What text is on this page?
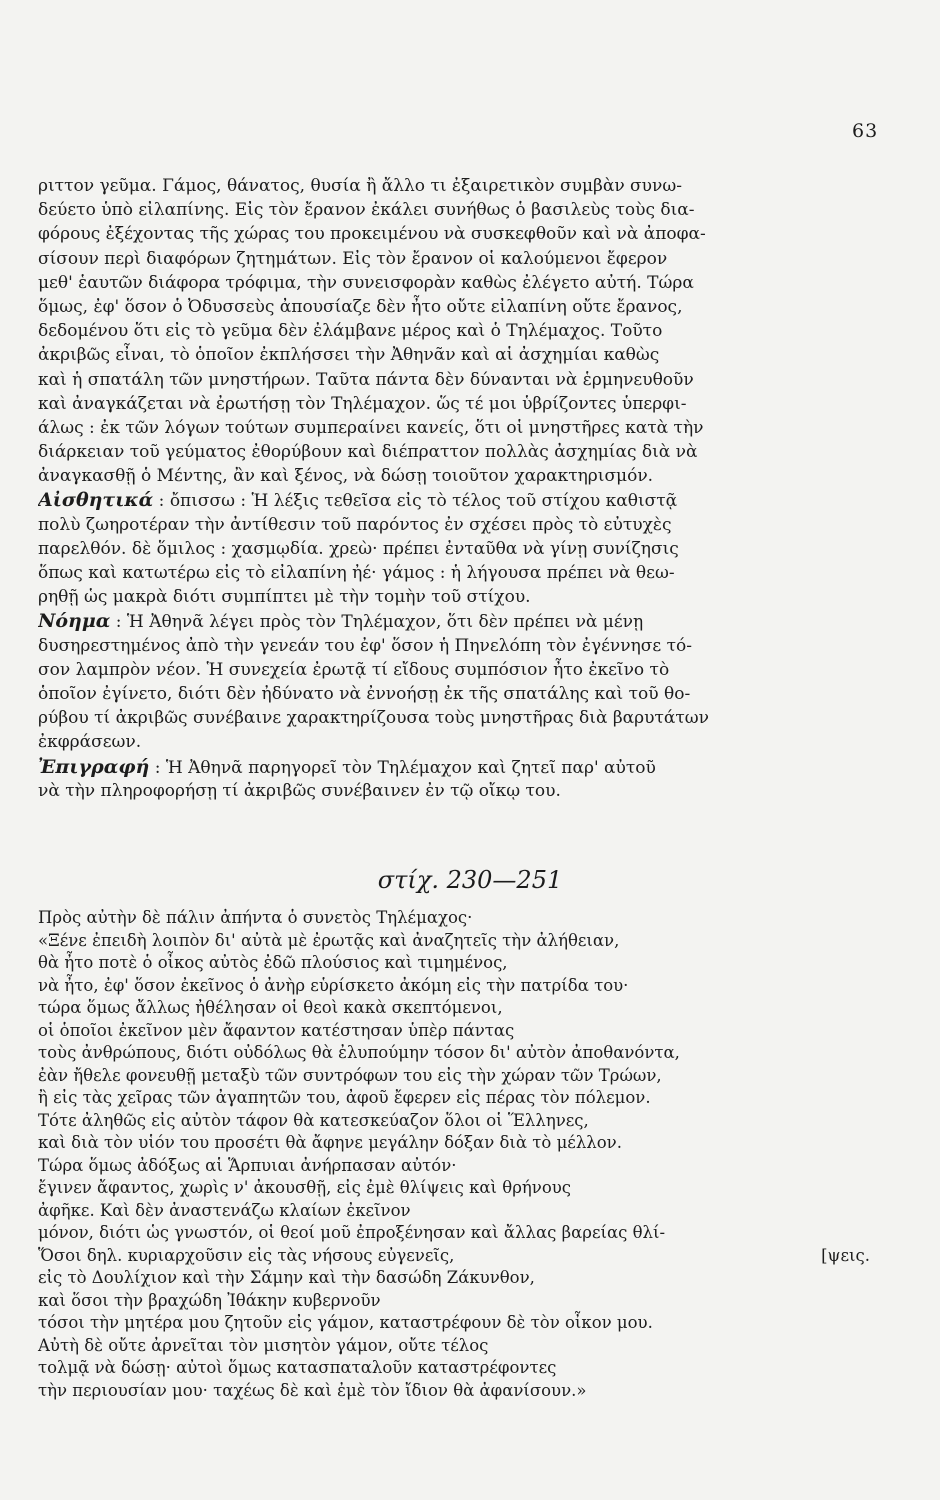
63
ριττον γεῦμα. Γάμος, θάνατος, θυσία ἢ ἄλλο τι ἐξαιρετικὸν συμβὰν συνω-
δεύετο ὑπὸ εἰλαπίνης. Εἰς τὸν ἔρανον ἐκάλει συνήθως ὁ βασιλεὺς τοὺς δια-
φόρους ἐξέχοντας τῆς χώρας του προκειμένου νὰ συσκεφθοῦν καὶ νὰ ἀποφα-
σίσουν περὶ διαφόρων ζητημάτων. Εἰς τὸν ἔρανον οἱ καλούμενοι ἔφερον
μεθ' ἑαυτῶν διάφορα τρόφιμα, τὴν συνεισφορὰν καθὼς ἐλέγετο αὐτή. Τώρα
ὅμως, ἐφ' ὅσον ὁ Ὀδυσσεὺς ἀπουσίαζε δὲν ἦτο οὔτε εἰλαπίνη οὔτε ἔρανος,
δεδομένου ὅτι εἰς τὸ γεῦμα δὲν ἐλάμβανε μέρος καὶ ὁ Τηλέμαχος. Τοῦτο
ἀκριβῶς εἶναι, τὸ ὁποῖον ἐκπλήσσει τὴν Ἀθηνᾶν καὶ αἱ ἀσχημίαι καθὼς
καὶ ἡ σπατάλη τῶν μνηστήρων. Ταῦτα πάντα δὲν δύνανται νὰ ἑρμηνευθοῦν
καὶ ἀναγκάζεται νὰ ἐρωτήσῃ τὸν Τηλέμαχον. ὥς τέ μοι ὑβρίζοντες ὑπερφι-
άλως : ἐκ τῶν λόγων τούτων συμπεραίνει κανείς, ὅτι οἱ μνηστῆρες κατὰ τὴν
διάρκειαν τοῦ γεύματος ἐθορύβουν καὶ διέπραττον πολλὰς ἀσχημίας διὰ νὰ
ἀναγκασθῇ ὁ Μέντης, ἂν καὶ ξένος, νὰ δώσῃ τοιοῦτον χαρακτηρισμόν.
Αἰσθητικά : ὄπισσω : Ἡ λέξις τεθεῖσα εἰς τὸ τέλος τοῦ στίχου καθιστᾷ
πολὺ ζωηροτέραν τὴν ἀντίθεσιν τοῦ παρόντος ἐν σχέσει πρὸς τὸ εὐτυχὲς
παρελθόν. δὲ ὅμιλος : χασμῳδία. χρεὼ· πρέπει ἐνταῦθα νὰ γίνῃ συνίζησις
ὅπως καὶ κατωτέρω εἰς τὸ εἰλαπίνη ἠέ· γάμος : ἡ λήγουσα πρέπει νὰ θεω-
ρηθῇ ὡς μακρὰ διότι συμπίπτει μὲ τὴν τομὴν τοῦ στίχου.
Νόημα : Ἡ Ἀθηνᾶ λέγει πρὸς τὸν Τηλέμαχον, ὅτι δὲν πρέπει νὰ μένῃ
δυσηρεστημένος ἀπὸ τὴν γενεάν του ἐφ' ὅσον ἡ Πηνελόπη τὸν ἐγέννησε τό-
σον λαμπρὸν νέον. Ἡ συνεχεία ἐρωτᾷ τί εἴδους συμπόσιον ἦτο ἐκεῖνο τὸ
ὁποῖον ἐγίνετο, διότι δὲν ἠδύνατο νὰ ἐννοήσῃ ἐκ τῆς σπατάλης καὶ τοῦ θο-
ρύβου τί ἀκριβῶς συνέβαινε χαρακτηρίζουσα τοὺς μνηστῆρας διὰ βαρυτάτων
ἐκφράσεων.
Ἐπιγραφή : Ἡ Ἀθηνᾶ παρηγορεῖ τὸν Τηλέμαχον καὶ ζητεῖ παρ' αὐτοῦ
νὰ τὴν πληροφορήσῃ τί ἀκριβῶς συνέβαινεν ἐν τῷ οἴκῳ του.
στίχ. 230—251
Πρὸς αὐτὴν δὲ πάλιν ἀπήντα ὁ συνετὸς Τηλέμαχος·
«Ξένε ἐπειδὴ λοιπὸν δι' αὐτὰ μὲ ἐρωτᾷς καὶ ἀναζητεῖς τὴν ἀλήθειαν,
θὰ ἦτο ποτὲ ὁ οἶκος αὐτὸς ἐδῶ πλούσιος καὶ τιμημένος,
νὰ ἦτο, ἐφ' ὅσον ἐκεῖνος ὁ ἀνὴρ εὑρίσκετο ἀκόμη εἰς τὴν πατρίδα του·
τώρα ὅμως ἄλλως ἠθέλησαν οἱ θεοὶ κακὰ σκεπτόμενοι,
οἱ ὁποῖοι ἐκεῖνον μὲν ἄφαντον κατέστησαν ὑπὲρ πάντας
τοὺς ἀνθρώπους, διότι οὐδόλως θὰ ἐλυπούμην τόσον δι' αὐτὸν ἀποθανόντα,
ἐὰν ἤθελε φονευθῇ μεταξὺ τῶν συντρόφων του εἰς τὴν χώραν τῶν Τρώων,
ἢ εἰς τὰς χεῖρας τῶν ἀγαπητῶν του, ἀφοῦ ἔφερεν εἰς πέρας τὸν πόλεμον.
Τότε ἀληθῶς εἰς αὐτὸν τάφον θὰ κατεσκεύαζον ὅλοι οἱ Ἕλληνες,
καὶ διὰ τὸν υἱόν του προσέτι θὰ ἄφηνε μεγάλην δόξαν διὰ τὸ μέλλον.
Τώρα ὅμως ἀδόξως αἱ Ἅρπυιαι ἀνήρπασαν αὐτόν·
ἔγινεν ἄφαντος, χωρὶς ν' ἀκουσθῇ, εἰς ἐμὲ θλίψεις καὶ θρήνους
ἀφῆκε. Καὶ δὲν ἀναστενάζω κλαίων ἐκεῖνον
μόνον, διότι ὡς γνωστόν, οἱ θεοί μοῦ ἐπροξένησαν καὶ ἄλλας βαρείας θλί-
Ὅσοι δηλ. κυριαρχοῦσιν εἰς τὰς νήσους εὐγενεῖς,	[ψεις.
εἰς τὸ Δουλίχιον καὶ τὴν Σάμην καὶ τὴν δασώδη Ζάκυνθον,
καὶ ὅσοι τὴν βραχώδη Ἰθάκην κυβερνοῦν
τόσοι τὴν μητέρα μου ζητοῦν εἰς γάμον, καταστρέφουν δὲ τὸν οἶκον μου.
Αὐτὴ δὲ οὔτε ἀρνεῖται τὸν μισητὸν γάμον, οὔτε τέλος
τολμᾷ νὰ δώσῃ· αὐτοὶ ὅμως κατασπαταλοῦν καταστρέφοντες
τὴν περιουσίαν μου· ταχέως δὲ καὶ ἐμὲ τὸν ἴδιον θὰ ἀφανίσουν.»
